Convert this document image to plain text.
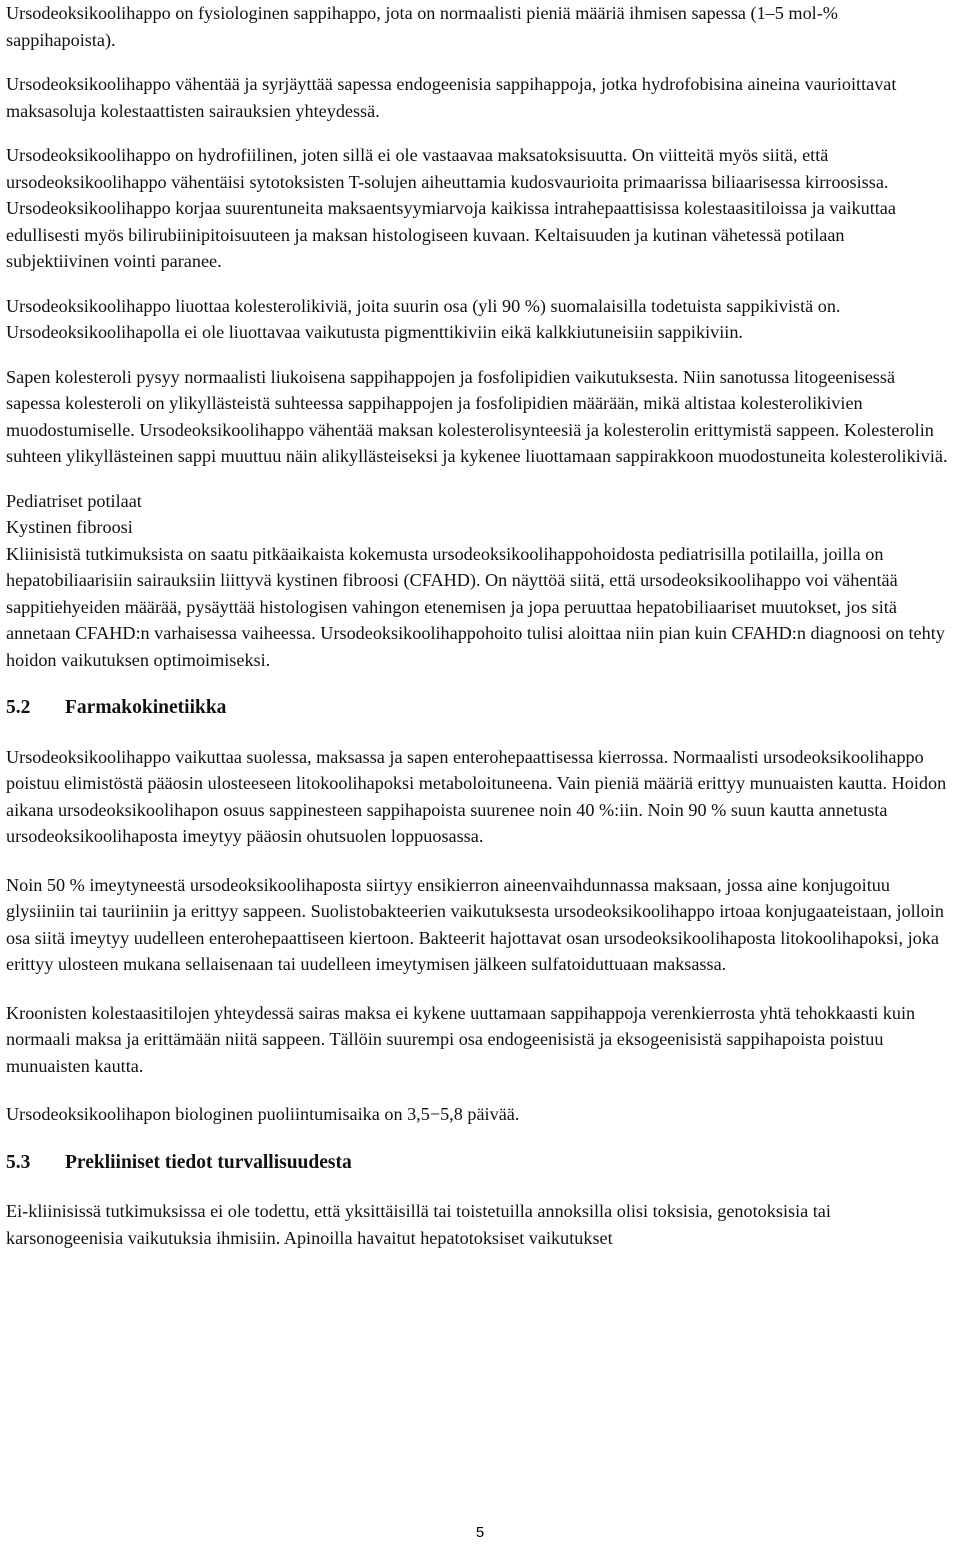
Ursodeoksikoolihappo on fysiologinen sappihappo, jota on normaalisti pieniä määriä ihmisen sapessa (1–5 mol-% sappihapoista).

Ursodeoksikoolihappo vähentää ja syrjäyttää sapessa endogeenisia sappihappoja, jotka hydrofobisina aineina vaurioittavat maksasoluja kolestaattisten sairauksien yhteydessä.

Ursodeoksikoolihappo on hydrofiilinen, joten sillä ei ole vastaavaa maksatoksisuutta. On viitteitä myös siitä, että ursodeoksikoolihappo vähentäisi sytotoksisten T-solujen aiheuttamia kudosvaurioita primaarissa biliaarisessa kirroosissa. Ursodeoksikoolihappo korjaa suurentuneita maksaentsyymiarvoja kaikissa intrahepaattisissa kolestaasitiloissa ja vaikuttaa edullisesti myös bilirubiinipitoisuuteen ja maksan histologiseen kuvaan. Keltaisuuden ja kutinan vähetessä potilaan subjektiivinen vointi paranee.

Ursodeoksikoolihappo liuottaa kolesterolikiviä, joita suurin osa (yli 90 %) suomalaisilla todetuista sappikivistä on. Ursodeoksikoolihapolla ei ole liuottavaa vaikutusta pigmenttikiviin eikä kalkkiutuneisiin sappikiviin.

Sapen kolesteroli pysyy normaalisti liukoisena sappihappojen ja fosfolipidien vaikutuksesta. Niin sanotussa litogeenisessä sapessa kolesteroli on ylikyllästeistä suhteessa sappihappojen ja fosfolipidien määrään, mikä altistaa kolesterolikivien muodostumiselle. Ursodeoksikoolihappo vähentää maksan kolesterolisynteesiä ja kolesterolin erittymistä sappeen. Kolesterolin suhteen ylikyllästeinen sappi muuttuu näin alikyllästeiseksi ja kykenee liuottamaan sappirakkoon muodostuneita kolesterolikiviä.

Pediatriset potilaat

Kystinen fibroosi

Kliinisistä tutkimuksista on saatu pitkäaikaista kokemusta ursodeoksikoolihappohoidosta pediatrisilla potilailla, joilla on hepatobiliaarisiin sairauksiin liittyvä kystinen fibroosi (CFAHD). On näyttöä siitä, että ursodeoksikoolihappo voi vähentää sappitiehyeiden määrää, pysäyttää histologisen vahingon etenemisen ja jopa peruuttaa hepatobiliaariset muutokset, jos sitä annetaan CFAHD:n varhaisessa vaiheessa. Ursodeoksikoolihappohoito tulisi aloittaa niin pian kuin CFAHD:n diagnoosi on tehty hoidon vaikutuksen optimoimiseksi.

5.2 Farmakokinetiikka

Ursodeoksikoolihappo vaikuttaa suolessa, maksassa ja sapen enterohepaattisessa kierrossa. Normaalisti ursodeoksikoolihappo poistuu elimistöstä pääosin ulosteeseen litokoolihapoksi metaboloituneena. Vain pieniä määriä erittyy munuaisten kautta. Hoidon aikana ursodeoksikoolihapon osuus sappinesteen sappihapoista suurenee noin 40 %:iin. Noin 90 % suun kautta annetusta ursodeoksikoolihaposta imeytyy pääosin ohutsuolen loppuosassa.

Noin 50 % imeytyneestä ursodeoksikoolihaposta siirtyy ensikierron aineenvaihdunnassa maksaan, jossa aine konjugoituu glysiiniin tai tauriiniin ja erittyy sappeen. Suolistobakteerien vaikutuksesta ursodeoksikoolihappo irtoaa konjugaateistaan, jolloin osa siitä imeytyy uudelleen enterohepaattiseen kiertoon. Bakteerit hajottavat osan ursodeoksikoolihaposta litokoolihapoksi, joka erittyy ulosteen mukana sellaisenaan tai uudelleen imeytymisen jälkeen sulfatoiduttuaan maksassa.

Kroonisten kolestaasitilojen yhteydessä sairas maksa ei kykene uuttamaan sappihappoja verenkierrosta yhtä tehokkaasti kuin normaali maksa ja erittämään niitä sappeen. Tällöin suurempi osa endogeenisistä ja eksogeenisistä sappihapoista poistuu munuaisten kautta.

Ursodeoksikoolihapon biologinen puoliintumisaika on 3,5−5,8 päivää.

5.3 Prekliiniset tiedot turvallisuudesta

Ei-kliinisissä tutkimuksissa ei ole todettu, että yksittäisillä tai toistetuilla annoksilla olisi toksisia, genotoksisia tai karsonogeenisia vaikutuksia ihmisiin. Apinoilla havaitut hepatotoksiset vaikutukset

5
